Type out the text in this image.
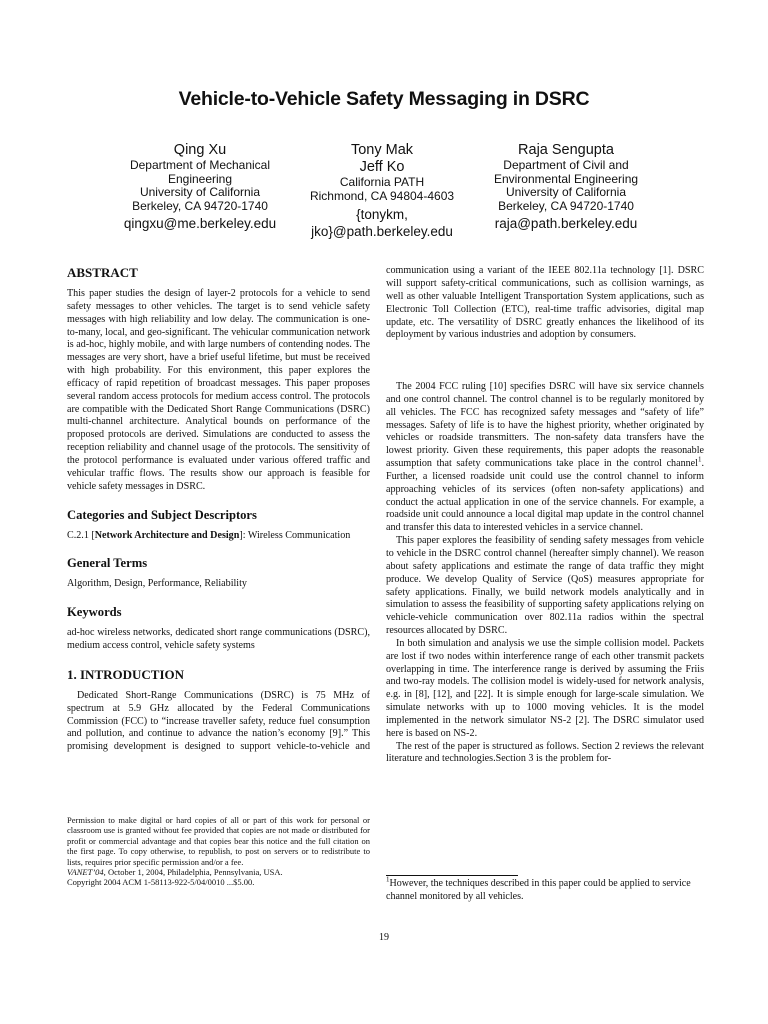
Vehicle-to-Vehicle Safety Messaging in DSRC
Qing Xu
Department of Mechanical
Engineering
University of California
Berkeley, CA 94720-1740
qingxu@me.berkeley.edu
Tony Mak
Jeff Ko
California PATH
Richmond, CA 94804-4603
{tonykm,
jko}@path.berkeley.edu
Raja Sengupta
Department of Civil and
Environmental Engineering
University of California
Berkeley, CA 94720-1740
raja@path.berkeley.edu
ABSTRACT

This paper studies the design of layer-2 protocols for a vehicle to send safety messages to other vehicles. The target is to send vehicle safety messages with high reliability and low delay. The communication is one-to-many, local, and geo-significant. The vehicular communication network is ad-hoc, highly mobile, and with large numbers of contending nodes. The messages are very short, have a brief useful lifetime, but must be received with high probability. For this environment, this paper explores the efficacy of rapid repetition of broadcast messages. This paper proposes several random access protocols for medium access control. The protocols are compatible with the Dedicated Short Range Communications (DSRC) multi-channel architecture. Analytical bounds on performance of the proposed protocols are derived. Simulations are conducted to assess the reception reliability and channel usage of the protocols. The sensitivity of the protocol performance is evaluated under various offered traffic and vehicular traffic flows. The results show our approach is feasible for vehicle safety messages in DSRC.

Categories and Subject Descriptors

C.2.1 [Network Architecture and Design]: Wireless Communication

General Terms

Algorithm, Design, Performance, Reliability

Keywords

ad-hoc wireless networks, dedicated short range communications (DSRC), medium access control, vehicle safety systems

1. INTRODUCTION

Dedicated Short-Range Communications (DSRC) is 75 MHz of spectrum at 5.9 GHz allocated by the Federal Communications Commission (FCC) to “increase traveller safety, reduce fuel consumption and pollution, and continue to advance the nation’s economy [9].” This promising development is designed to support vehicle-to-vehicle and

communication using a variant of the IEEE 802.11a technology [1]. DSRC will support safety-critical communications, such as collision warnings, as well as other valuable Intelligent Transportation System applications, such as Electronic Toll Collection (ETC), real-time traffic advisories, digital map update, etc. The versatility of DSRC greatly enhances the likelihood of its deployment by various industries and adoption by consumers.

The 2004 FCC ruling [10] specifies DSRC will have six service channels and one control channel. The control channel is to be regularly monitored by all vehicles. The FCC has recognized safety messages and “safety of life” messages. Safety of life is to have the highest priority, whether originated by vehicles or roadside transmitters. The non-safety data transfers have the lowest priority. Given these requirements, this paper adopts the reasonable assumption that safety communications take place in the control channel$^1$. Further, a licensed roadside unit could use the control channel to inform approaching vehicles of its services (often non-safety applications) and conduct the actual application in one of the service channels. For example, a roadside unit could announce a local digital map update in the control channel and transfer this data to interested vehicles in a service channel.

This paper explores the feasibility of sending safety messages from vehicle to vehicle in the DSRC control channel (hereafter simply channel). We reason about safety applications and estimate the range of data traffic they might produce. We develop Quality of Service (QoS) measures appropriate for safety applications. Finally, we build network models analytically and in simulation to assess the feasibility of supporting safety applications relying on vehicle-vehicle communication over 802.11a radios within the spectral resources allocated by DSRC.

In both simulation and analysis we use the simple collision model. Packets are lost if two nodes within interference range of each other transmit packets overlapping in time. The interference range is derived by assuming the Friis and two-ray models. The collision model is widely-used for network analysis, e.g. in [8], [12], and [22]. It is simple enough for large-scale simulation. We simulate networks with up to 1000 moving vehicles. It is the model implemented in the network simulator NS-2 [2]. The DSRC simulator used here is based on NS-2.

The rest of the paper is structured as follows. Section 2 reviews the relevant literature and technologies.Section 3 is the problem for-

Permission to make digital or hard copies of all or part of this work for personal or classroom use is granted without fee provided that copies are not made or distributed for profit or commercial advantage and that copies bear this notice and the full citation on the first page. To copy otherwise, to republish, to post on servers or to redistribute to lists, requires prior specific permission and/or a fee.

VANET’04, October 1, 2004, Philadelphia, Pennsylvania, USA.

Copyright 2004 ACM 1-58113-922-5/04/0010 ...$5.00.	$^1$However, the techniques described in this paper could be applied to service channel monitored by all vehicles.
19
